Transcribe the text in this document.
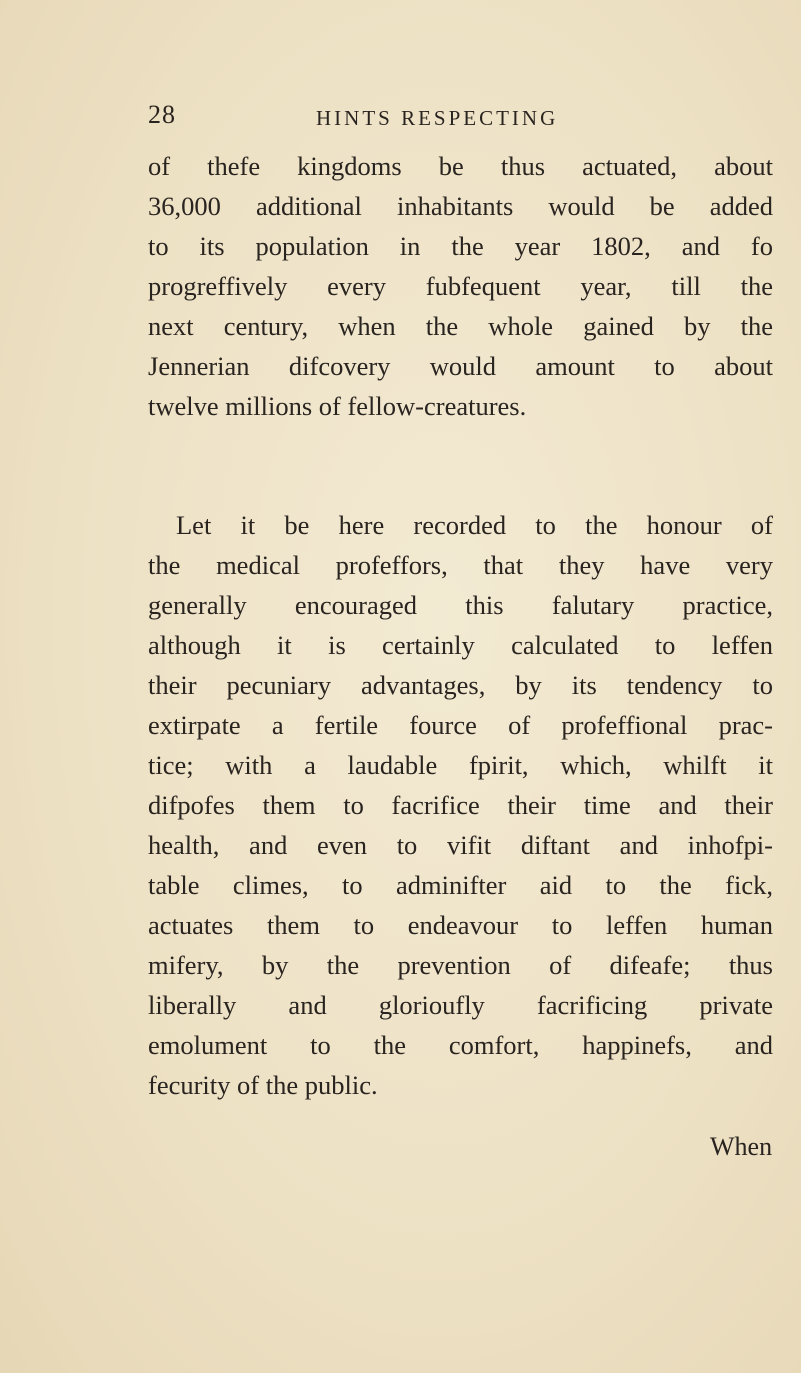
28	HINTS RESPECTING
of thefe kingdoms be thus actuated, about
36,000 additional inhabitants would be added
to its population in the year 1802, and fo
progreffively every fubfequent year, till the
next century, when the whole gained by the
Jennerian difcovery would amount to about
twelve millions of fellow-creatures.
Let it be here recorded to the honour of
the medical profeffors, that they have very
generally encouraged this falutary practice,
although it is certainly calculated to leffen
their pecuniary advantages, by its tendency to
extirpate a fertile fource of profeffional prac-
tice; with a laudable fpirit, which, whilft it
difpofes them to facrifice their time and their
health, and even to vifit diftant and inhofpi-
table climes, to adminifter aid to the fick,
actuates them to endeavour to leffen human
mifery, by the prevention of difeafe; thus
liberally and glorioufly facrificing private
emolument to the comfort, happinefs, and
fecurity of the public.
When
